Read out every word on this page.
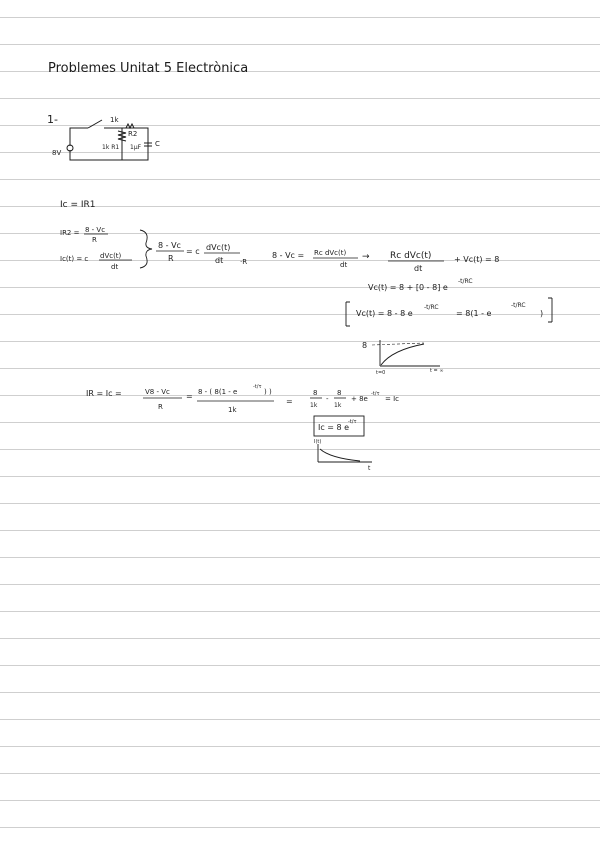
Problemes Unitat 5 Electrònica
1-
8V
1k
R2
1k R1 1μF C
Ic = IR1
IR2 = 8 - Vc
R
Ic(t) = c dVc(t)
dt
8 - Vc
R
= c dVc(t)
dt ·R
8 - Vc = Rc dVc(t)
dt
→ Rc dVc(t)
dt
+ Vc(t) = 8
Vc(t) = 8 + [0 - 8] e
-t/RC
Vc(t) = 8 - 8 e
-t/RC
= 8(1 - e
-t/RC
)
8
t=0	t = ∞
IR = Ic =	V8 - Vc
R
= 8 - ( 8(1 - e
-t/τ
) )
1k
=
8
1k
-
8
1k
+ 8e
-t/τ
= Ic
Ic = 8 e
-t/τ
I(t)
t
